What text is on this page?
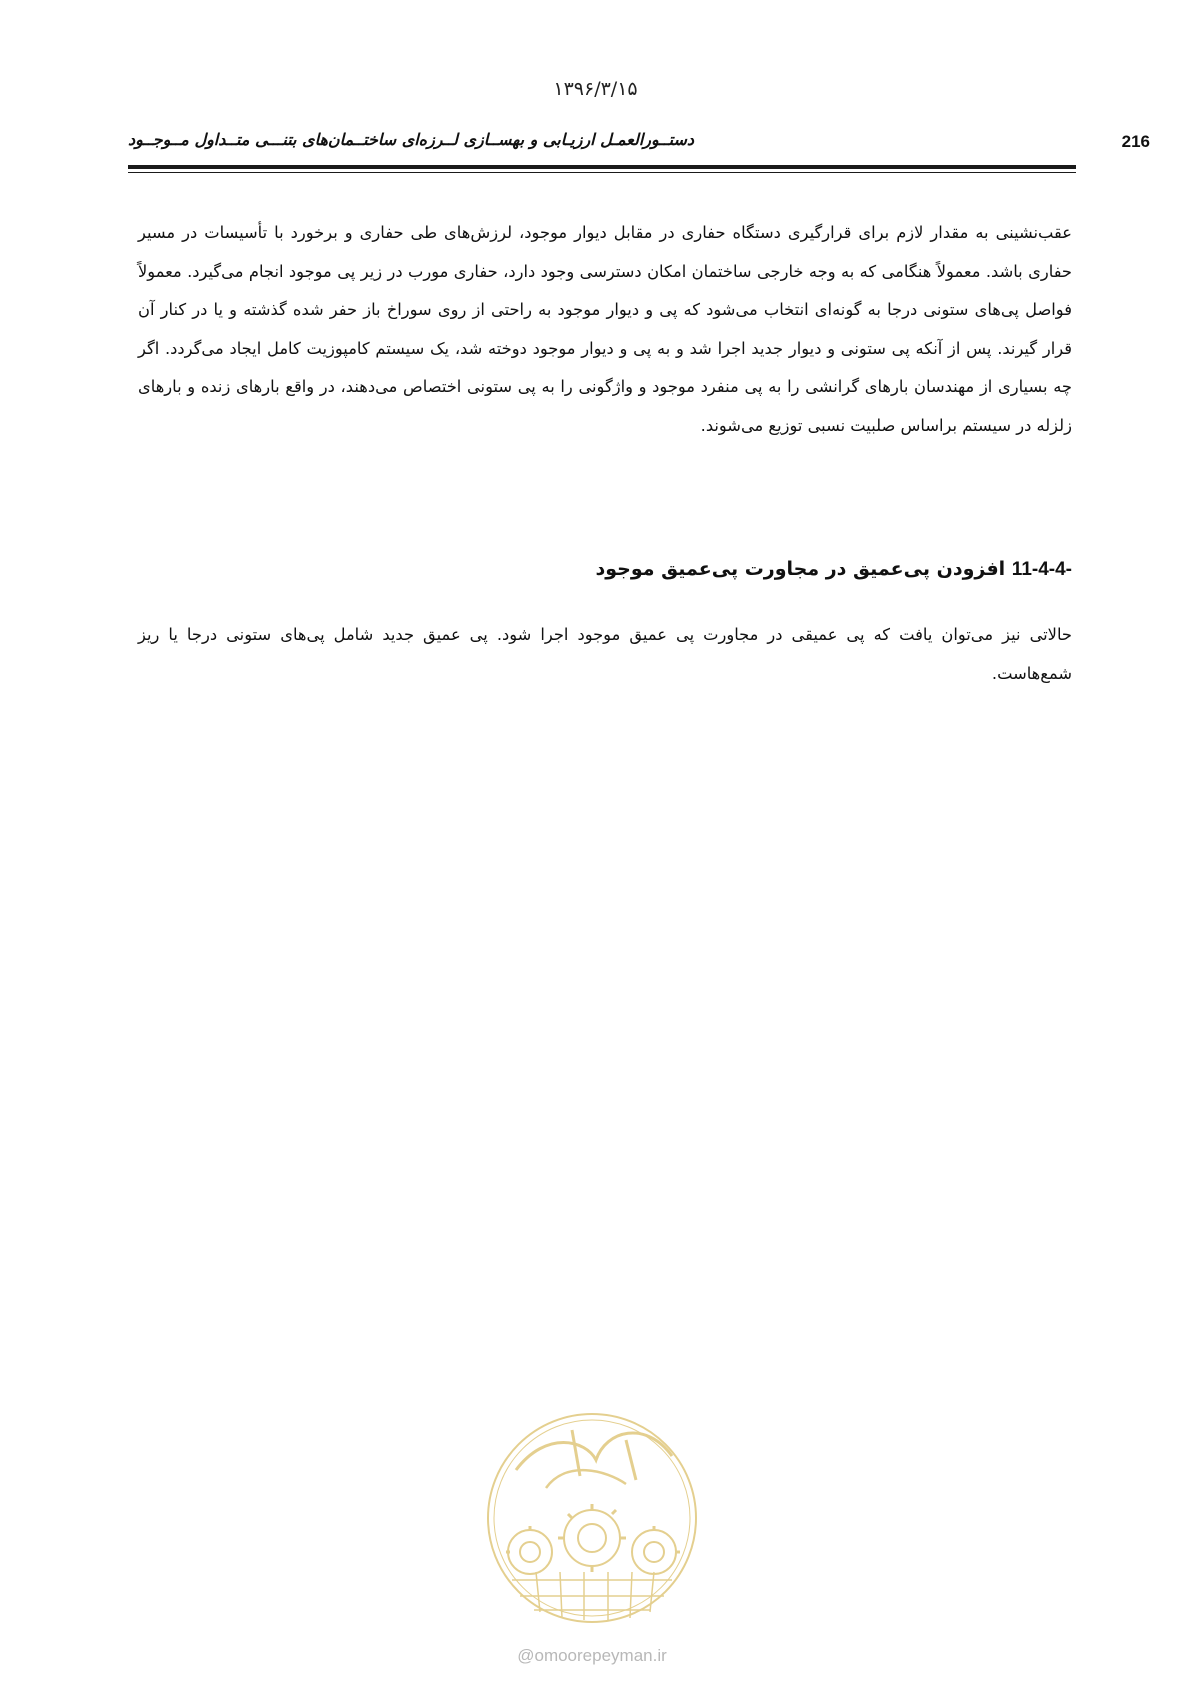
۱۳۹۶/۳/۱۵
216
دستــورالعمـل ارزیـابی و بهســازی لــرزه‌ای ساختــمان‌های بتنـــی متــداول مــوجــود

عقب‌نشینی به مقدار لازم برای قرارگیری دستگاه حفاری در مقابل دیوار موجود، لرزش‌های طی حفاری و برخورد با تأسیسات در مسیر حفاری باشد. معمولاً هنگامی که به وجه خارجی ساختمان امکان دسترسی وجود دارد، حفاری مورب در زیر پی موجود انجام می‌گیرد. معمولاً فواصل پی‌های ستونی درجا به گونه‌ای انتخاب می‌شود که پی و دیوار موجود به راحتی از روی سوراخ باز حفر شده گذشته و یا در کنار آن قرار گیرند. پس از آنکه پی ستونی و دیوار جدید اجرا شد و به پی و دیوار موجود دوخته شد، یک سیستم کامپوزیت کامل ایجاد می‌گردد. اگر چه بسیاری از مهندسان بارهای گرانشی را به پی منفرد موجود و واژگونی را به پی ستونی اختصاص می‌دهند، در واقع بارهای زنده و بارهای زلزله در سیستم براساس صلبیت نسبی توزیع می‌شوند.

11-4-4- افزودن پی‌عمیق در مجاورت پی‌عمیق موجود

حالاتی نیز می‌توان یافت که پی عمیقی در مجاورت پی عمیق موجود اجرا شود. پی عمیق جدید شامل پی‌های ستونی درجا یا ریز شمع‌هاست.

@omoorepeyman.ir
